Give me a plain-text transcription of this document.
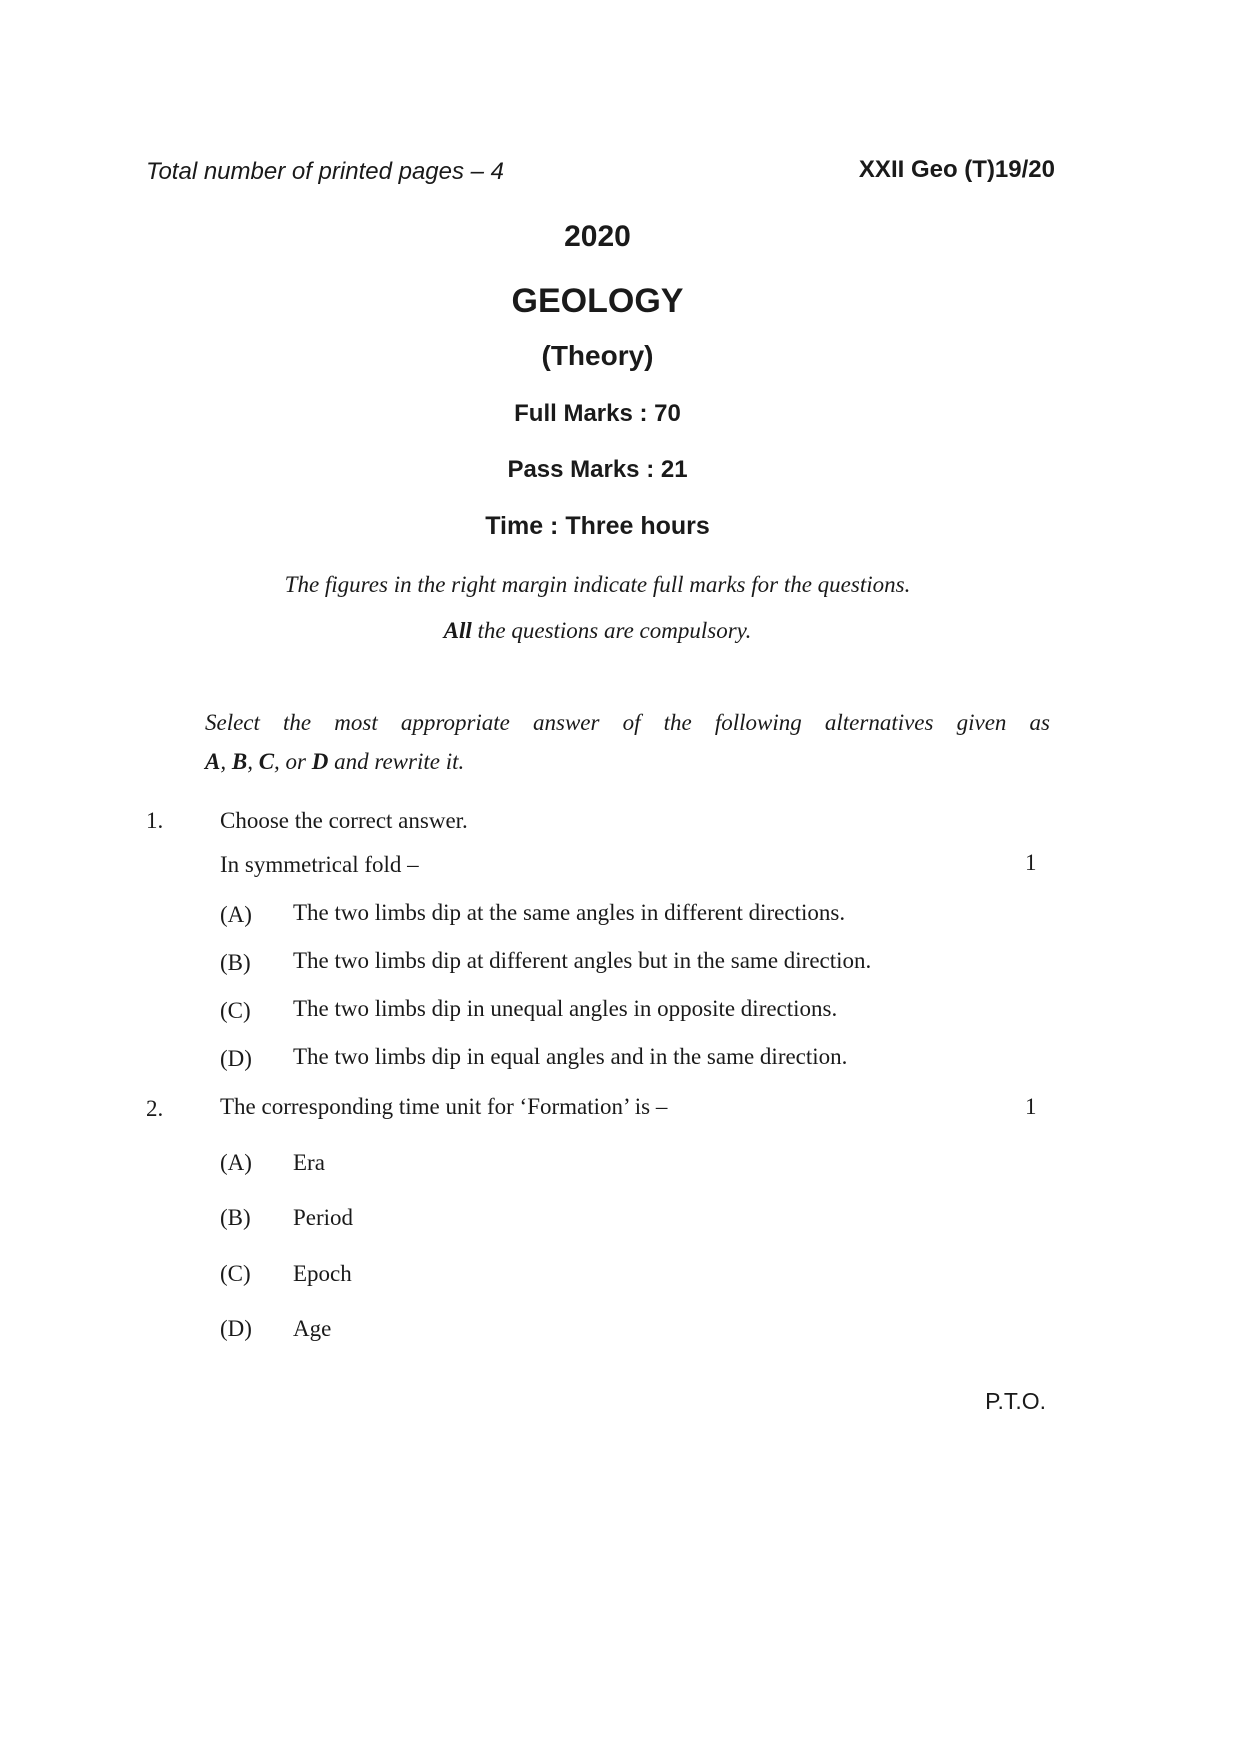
Total number of printed pages – 4	XXII Geo (T)19/20
2020
GEOLOGY
(Theory)
Full Marks : 70
Pass Marks : 21
Time : Three hours
The figures in the right margin indicate full marks for the questions.
All the questions are compulsory.
Select the most appropriate answer of the following alternatives given as
A, B, C, or D and rewrite it.
1. Choose the correct answer.
In symmetrical fold –	1
(A) The two limbs dip at the same angles in different directions.
(B) The two limbs dip at different angles but in the same direction.
(C) The two limbs dip in unequal angles in opposite directions.
(D) The two limbs dip in equal angles and in the same direction.
2. The corresponding time unit for ‘Formation’ is –	1
(A) Era
(B) Period
(C) Epoch
(D) Age
P.T.O.
